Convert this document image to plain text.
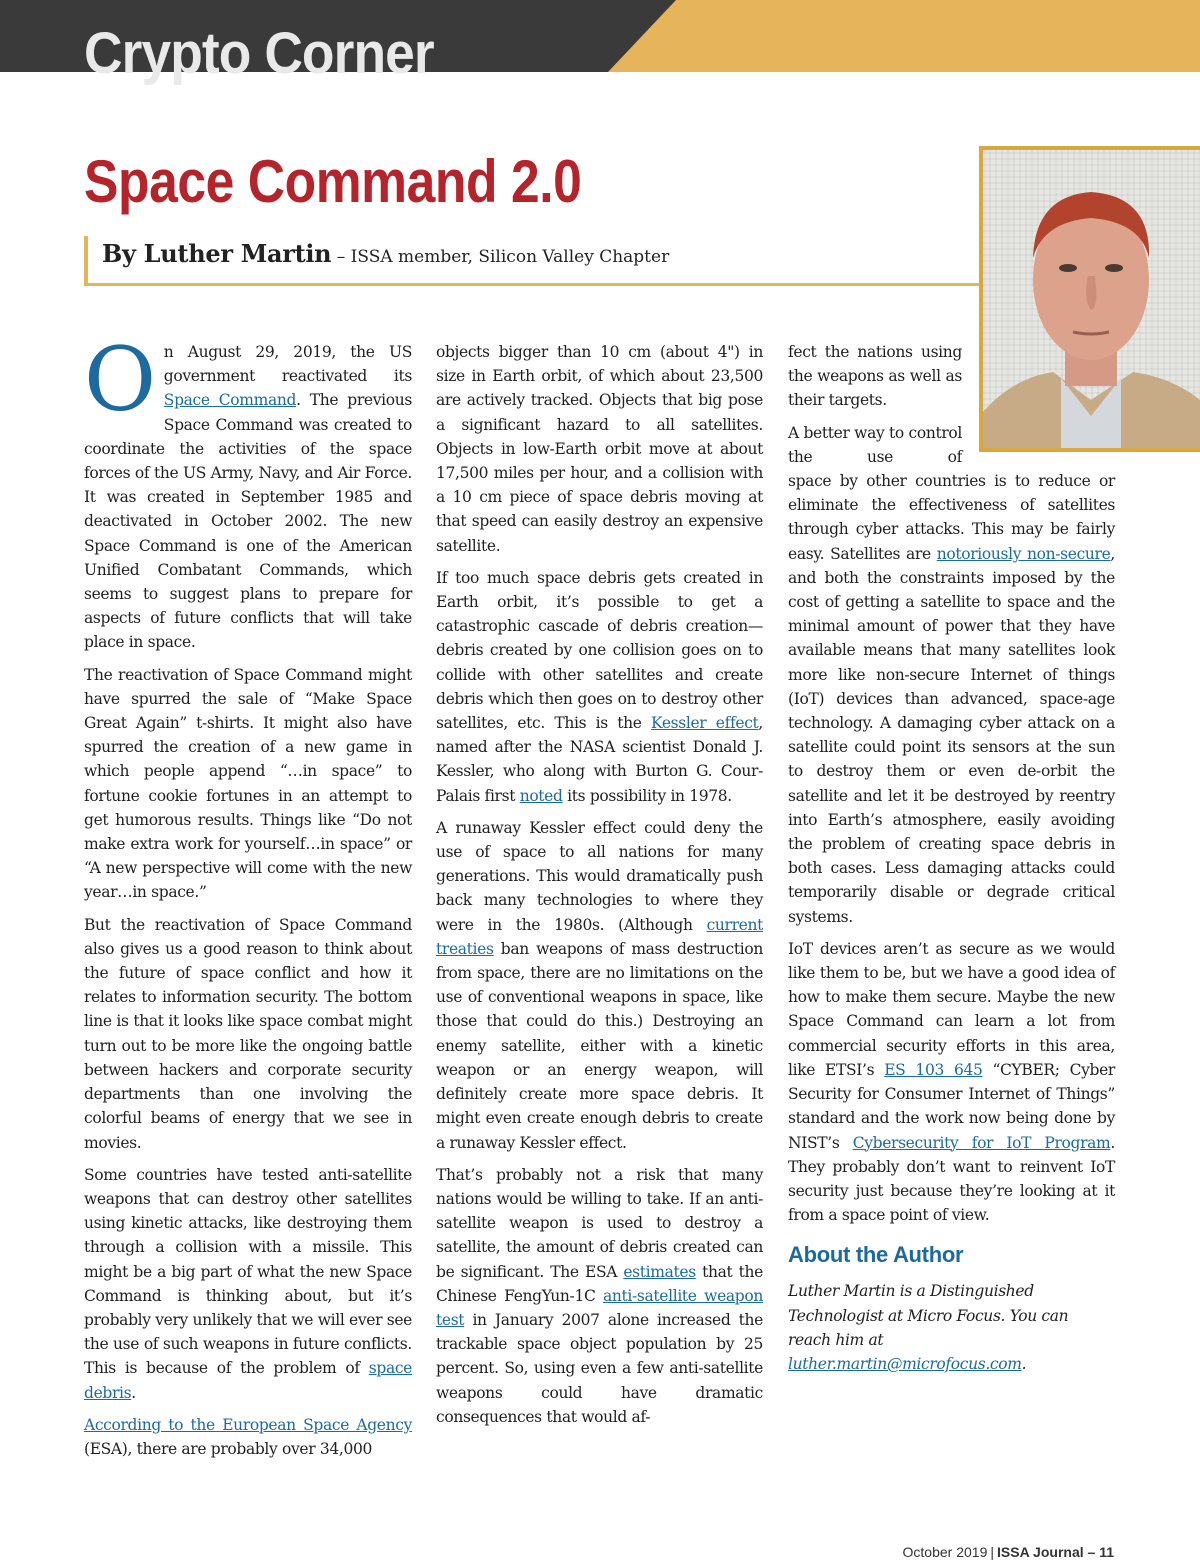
Crypto Corner
Space Command 2.0
By Luther Martin – ISSA member, Silicon Valley Chapter

On August 29, 2019, the US government reactivated its Space Command. The previous Space Command was created to coordinate the activities of the space forces of the US Army, Navy, and Air Force. It was created in September 1985 and deactivated in October 2002. The new Space Command is one of the American Unified Combatant Commands, which seems to suggest plans to prepare for aspects of future conflicts that will take place in space.

The reactivation of Space Command might have spurred the sale of “Make Space Great Again” t-shirts. It might also have spurred the creation of a new game in which people append “…in space” to fortune cookie fortunes in an attempt to get humorous results. Things like “Do not make extra work for yourself…in space” or “A new perspective will come with the new year…in space.”

But the reactivation of Space Command also gives us a good reason to think about the future of space conflict and how it relates to information security. The bottom line is that it looks like space combat might turn out to be more like the ongoing battle between hackers and corporate security departments than one involving the colorful beams of energy that we see in movies.

Some countries have tested anti-satellite weapons that can destroy other satellites using kinetic attacks, like destroying them through a collision with a missile. This might be a big part of what the new Space Command is thinking about, but it’s probably very unlikely that we will ever see the use of such weapons in future conflicts. This is because of the problem of space debris.

According to the European Space Agency (ESA), there are probably over 34,000

objects bigger than 10 cm (about 4") in size in Earth orbit, of which about 23,500 are actively tracked. Objects that big pose a significant hazard to all satellites. Objects in low-Earth orbit move at about 17,500 miles per hour, and a collision with a 10 cm piece of space debris moving at that speed can easily destroy an expensive satellite.

If too much space debris gets created in Earth orbit, it’s possible to get a catastrophic cascade of debris creation—debris created by one collision goes on to collide with other satellites and create debris which then goes on to destroy other satellites, etc. This is the Kessler effect, named after the NASA scientist Donald J. Kessler, who along with Burton G. Cour-Palais first noted its possibility in 1978.

A runaway Kessler effect could deny the use of space to all nations for many generations. This would dramatically push back many technologies to where they were in the 1980s. (Although current treaties ban weapons of mass destruction from space, there are no limitations on the use of conventional weapons in space, like those that could do this.) Destroying an enemy satellite, either with a kinetic weapon or an energy weapon, will definitely create more space debris. It might even create enough debris to create a runaway Kessler effect.

That’s probably not a risk that many nations would be willing to take. If an anti-satellite weapon is used to destroy a satellite, the amount of debris created can be significant. The ESA estimates that the Chinese FengYun-1C anti-satellite weapon test in January 2007 alone increased the trackable space object population by 25 percent. So, using even a few anti-satellite weapons could have dramatic consequences that would af-

fect the nations using the weapons as well as their targets.

A better way to control the use of

space by other countries is to reduce or eliminate the effectiveness of satellites through cyber attacks. This may be fairly easy. Satellites are notoriously non-secure, and both the constraints imposed by the cost of getting a satellite to space and the minimal amount of power that they have available means that many satellites look more like non-secure Internet of things (IoT) devices than advanced, space-age technology. A damaging cyber attack on a satellite could point its sensors at the sun to destroy them or even de-orbit the satellite and let it be destroyed by reentry into Earth’s atmosphere, easily avoiding the problem of creating space debris in both cases. Less damaging attacks could temporarily disable or degrade critical systems.

IoT devices aren’t as secure as we would like them to be, but we have a good idea of how to make them secure. Maybe the new Space Command can learn a lot from commercial security efforts in this area, like ETSI’s ES 103 645 “CYBER; Cyber Security for Consumer Internet of Things” standard and the work now being done by NIST’s Cybersecurity for IoT Program. They probably don’t want to reinvent IoT security just because they’re looking at it from a space point of view.

About the Author

Luther Martin is a Distinguished Technologist at Micro Focus. You can reach him at luther.martin@microfocus.com.

October 2019 | ISSA Journal – 11
